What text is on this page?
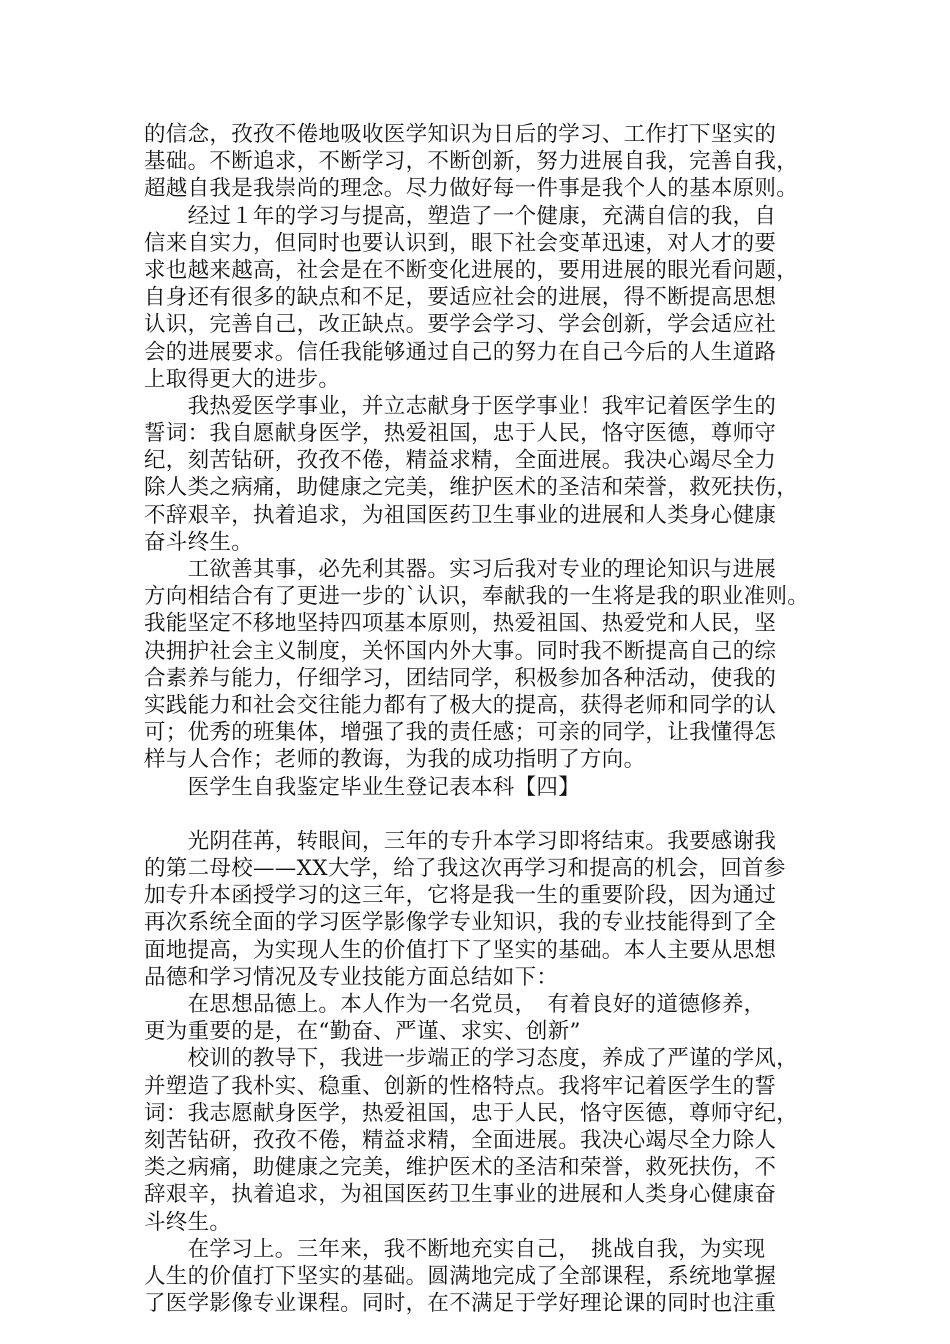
的信念，孜孜不倦地吸收医学知识为日后的学习、工作打下坚实的
基础。不断追求，不断学习，不断创新，努力进展自我，完善自我，
超越自我是我崇尚的理念。尽力做好每一件事是我个人的基本原则。
　　经过１年的学习与提高，塑造了一个健康，充满自信的我，自
信来自实力，但同时也要认识到，眼下社会变革迅速，对人才的要
求也越来越高，社会是在不断变化进展的，要用进展的眼光看问题，
自身还有很多的缺点和不足，要适应社会的进展，得不断提高思想
认识，完善自己，改正缺点。要学会学习、学会创新，学会适应社
会的进展要求。信任我能够通过自己的努力在自己今后的人生道路
上取得更大的进步。
　　我热爱医学事业，并立志献身于医学事业！我牢记着医学生的
誓词：我自愿献身医学，热爱祖国，忠于人民，恪守医德，尊师守
纪，刻苦钻研，孜孜不倦，精益求精，全面进展。我决心竭尽全力
除人类之病痛，助健康之完美，维护医术的圣洁和荣誉，救死扶伤，
不辞艰辛，执着追求，为祖国医药卫生事业的进展和人类身心健康
奋斗终生。
　　工欲善其事，必先利其器。实习后我对专业的理论知识与进展
方向相结合有了更进一步的`认识，奉献我的一生将是我的职业准则。
我能坚定不移地坚持四项基本原则，热爱祖国、热爱党和人民，坚
决拥护社会主义制度，关怀国内外大事。同时我不断提高自己的综
合素养与能力，仔细学习，团结同学，积极参加各种活动，使我的
实践能力和社会交往能力都有了极大的提高，获得老师和同学的认
可；优秀的班集体，增强了我的责任感；可亲的同学，让我懂得怎
样与人合作；老师的教诲，为我的成功指明了方向。
　　医学生自我鉴定毕业生登记表本科【四】
　　光阴荏苒，转眼间，三年的专升本学习即将结束。我要感谢我
的第二母校——XX大学，给了我这次再学习和提高的机会，回首参
加专升本函授学习的这三年，它将是我一生的重要阶段，因为通过
再次系统全面的学习医学影像学专业知识，我的专业技能得到了全
面地提高，为实现人生的价值打下了坚实的基础。本人主要从思想
品德和学习情况及专业技能方面总结如下：
　　在思想品德上。本人作为一名党员，　有着良好的道德修养，
更为重要的是，在“勤奋、严谨、求实、创新”
　　校训的教导下，我进一步端正的学习态度，养成了严谨的学风，
并塑造了我朴实、稳重、创新的性格特点。我将牢记着医学生的誓
词：我志愿献身医学，热爱祖国，忠于人民，恪守医德，尊师守纪，
刻苦钻研，孜孜不倦，精益求精，全面进展。我决心竭尽全力除人
类之病痛，助健康之完美，维护医术的圣洁和荣誉，救死扶伤，不
辞艰辛，执着追求，为祖国医药卫生事业的进展和人类身心健康奋
斗终生。
　　在学习上。三年来，我不断地充实自己，　挑战自我，为实现
人生的价值打下坚实的基础。圆满地完成了全部课程，系统地掌握
了医学影像专业课程。同时，在不满足于学好理论课的同时也注重
